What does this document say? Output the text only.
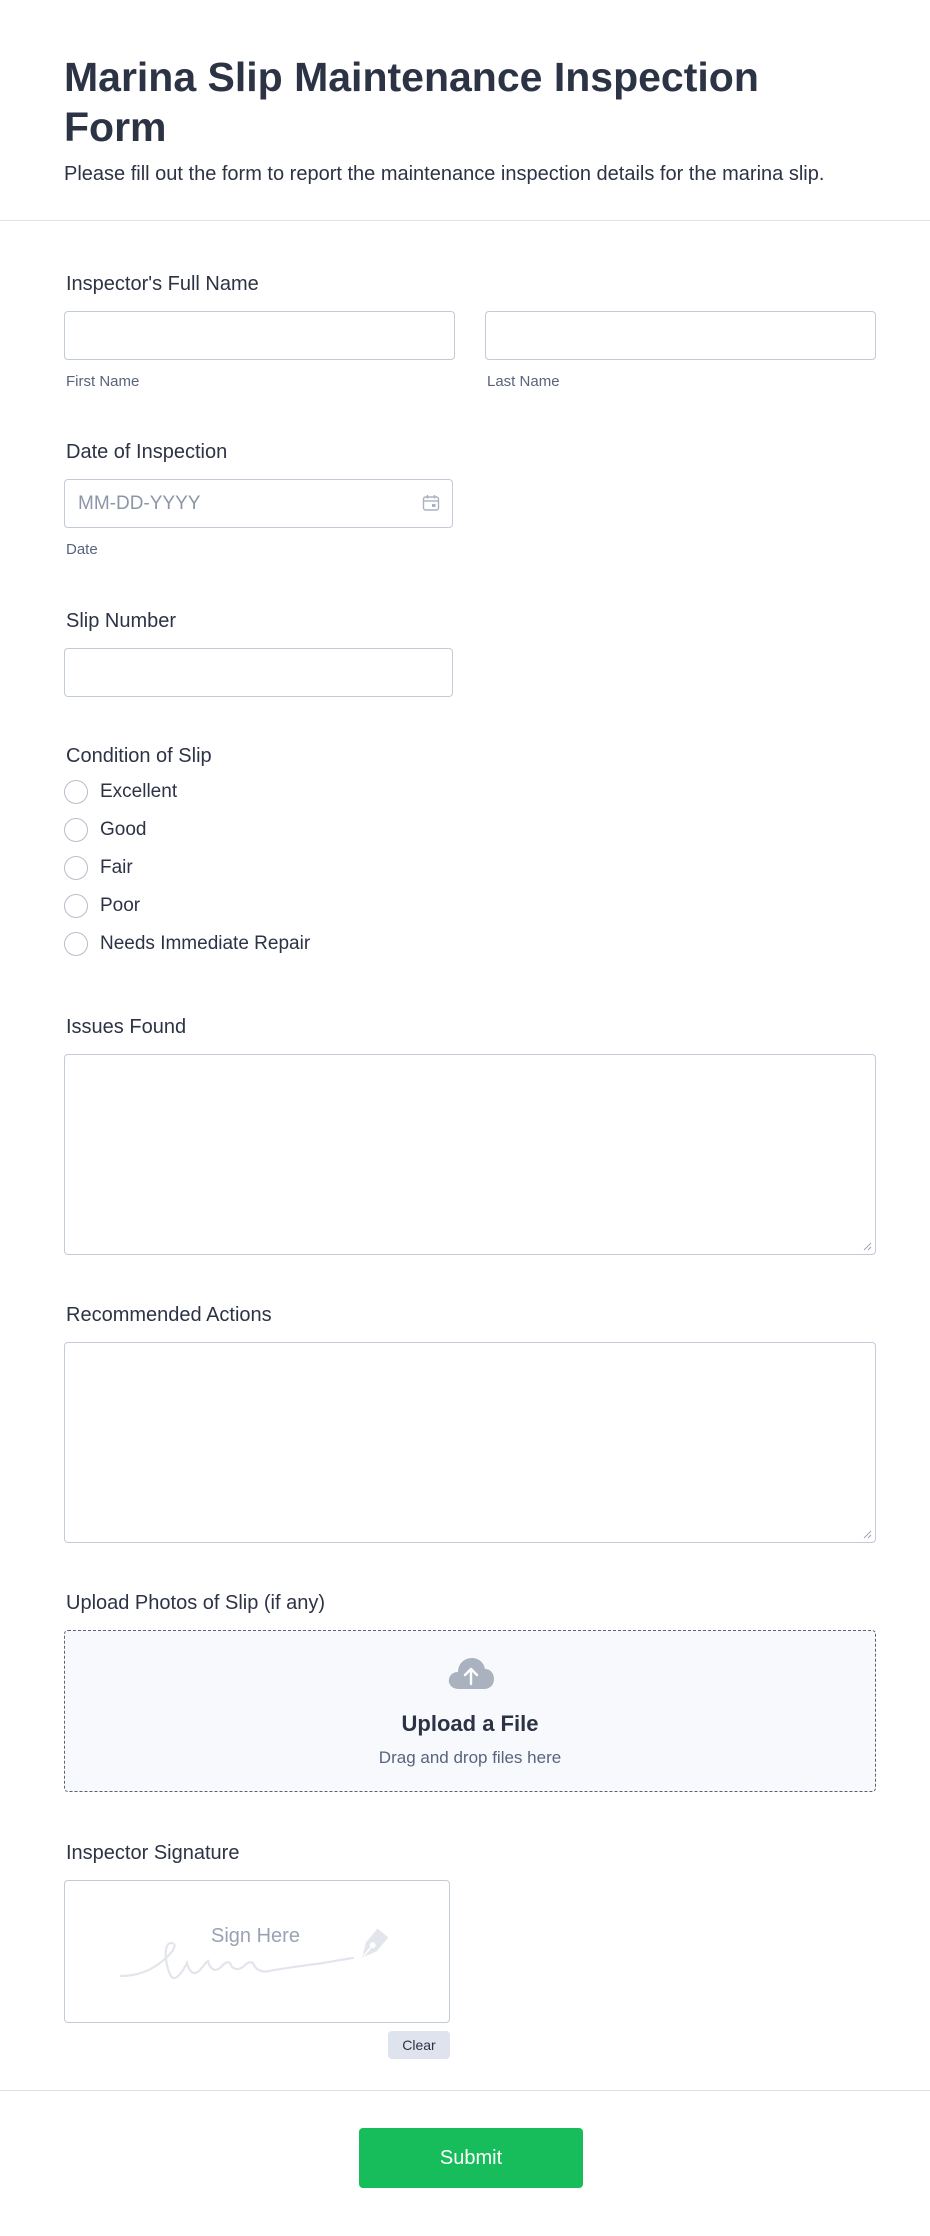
Marina Slip Maintenance Inspection Form
Please fill out the form to report the maintenance inspection details for the marina slip.
Inspector's Full Name
First Name	Last Name
Date of Inspection
MM-DD-YYYY
Date
Slip Number
Condition of Slip
Excellent
Good
Fair
Poor
Needs Immediate Repair
Issues Found
Recommended Actions
Upload Photos of Slip (if any)
Upload a File
Drag and drop files here
Inspector Signature
Sign Here
Clear
Submit
